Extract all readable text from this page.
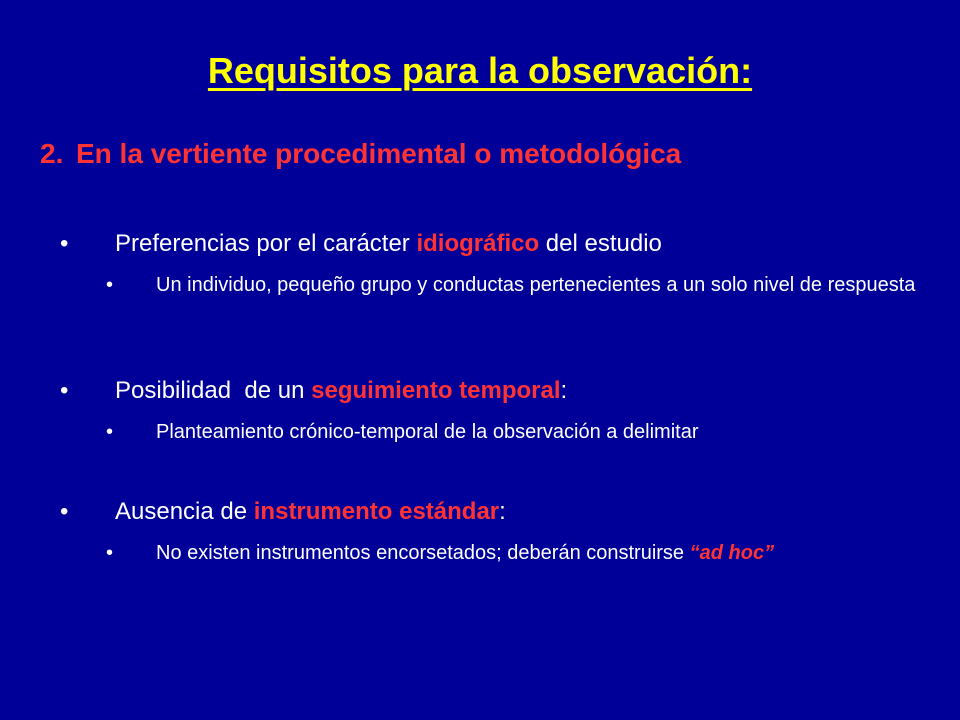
Requisitos para la observación:
2. En la vertiente procedimental o metodológica
• Preferencias por el carácter idiográfico del estudio
• Un individuo, pequeño grupo y conductas pertenecientes a un solo nivel de respuesta
• Posibilidad  de un seguimiento temporal:
• Planteamiento crónico-temporal de la observación a delimitar
• Ausencia de instrumento estándar:
• No existen instrumentos encorsetados; deberán construirse “ad hoc”
